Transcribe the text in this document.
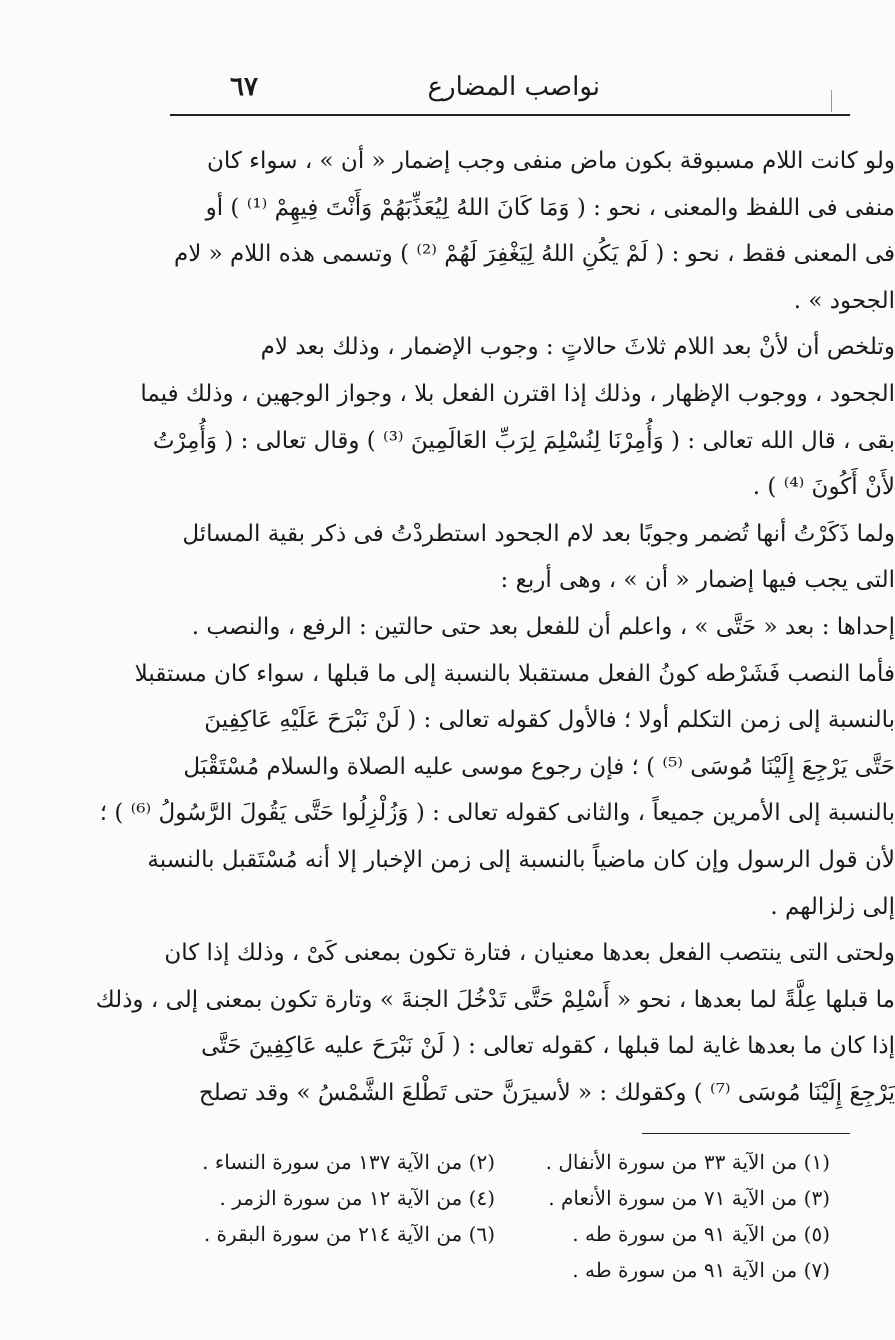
نواصب المضارع
٦٧
ولو كانت اللام مسبوقة بكون ماض منفى وجب إضمار « أن » ، سواء كان
منفى فى اللفظ والمعنى ، نحو : ( وَمَا كَانَ اللهُ لِيُعَذِّبَهُمْ وَأَنْتَ فِيهِمْ ⁽¹⁾ ) أو
فى المعنى فقط ، نحو : ( لَمْ يَكُنِ اللهُ لِيَغْفِرَ لَهُمْ ⁽²⁾ ) وتسمى هذه اللام « لام
الجحود » .
وتلخص أن لأنْ بعد اللام ثلاثَ حالاتٍ : وجوب الإضمار ، وذلك بعد لام
الجحود ، ووجوب الإظهار ، وذلك إذا اقترن الفعل بلا ، وجواز الوجهين ، وذلك فيما
بقى ، قال الله تعالى : ( وَأُمِرْنَا لِنُسْلِمَ لِرَبِّ العَالَمِينَ ⁽³⁾ ) وقال تعالى : ( وَأُمِرْتُ
لأَنْ أَكُونَ ⁽⁴⁾ ) .
ولما ذَكَرْتُ أنها تُضمر وجوبًا بعد لام الجحود استطردْتُ فى ذكر بقية المسائل
التى يجب فيها إضمار « أن » ، وهى أربع :
إحداها : بعد « حَتَّى » ، واعلم أن للفعل بعد حتى حالتين : الرفع ، والنصب .
فأما النصب فَشَرْطه كونُ الفعل مستقبلا بالنسبة إلى ما قبلها ، سواء كان مستقبلا
بالنسبة إلى زمن التكلم أولا ؛ فالأول كقوله تعالى : ( لَنْ نَبْرَحَ عَلَيْهِ عَاكِفِينَ
حَتَّى يَرْجِعَ إِلَيْنَا مُوسَى ⁽⁵⁾ ) ؛ فإن رجوع موسى عليه الصلاة والسلام مُسْتَقْبَل
بالنسبة إلى الأمرين جميعاً ، والثانى كقوله تعالى : ( وَزُلْزِلُوا حَتَّى يَقُولَ الرَّسُولُ ⁽⁶⁾ ) ؛
لأن قول الرسول وإن كان ماضياً بالنسبة إلى زمن الإخبار إلا أنه مُسْتَقبل بالنسبة
إلى زلزالهم .
ولحتى التى ينتصب الفعل بعدها معنيان ، فتارة تكون بمعنى كَىْ ، وذلك إذا كان
ما قبلها عِلَّةً لما بعدها ، نحو « أَسْلِمْ حَتَّى تَدْخُلَ الجنةَ » وتارة تكون بمعنى إلى ، وذلك
إذا كان ما بعدها غاية لما قبلها ، كقوله تعالى : ( لَنْ نَبْرَحَ عليه عَاكِفِينَ حَتَّى
يَرْجِعَ إِلَيْنَا مُوسَى ⁽⁷⁾ ) وكقولك : « لأسيرَنَّ حتى تَطْلعَ الشَّمْسُ » وقد تصلح
(١) من الآية ٣٣ من سورة الأنفال .
(٢) من الآية ١٣٧ من سورة النساء .
(٣) من الآية ٧١ من سورة الأنعام .
(٤) من الآية ١٢ من سورة الزمر .
(٥) من الآية ٩١ من سورة طه .
(٦) من الآية ٢١٤ من سورة البقرة .
(٧) من الآية ٩١ من سورة طه .
